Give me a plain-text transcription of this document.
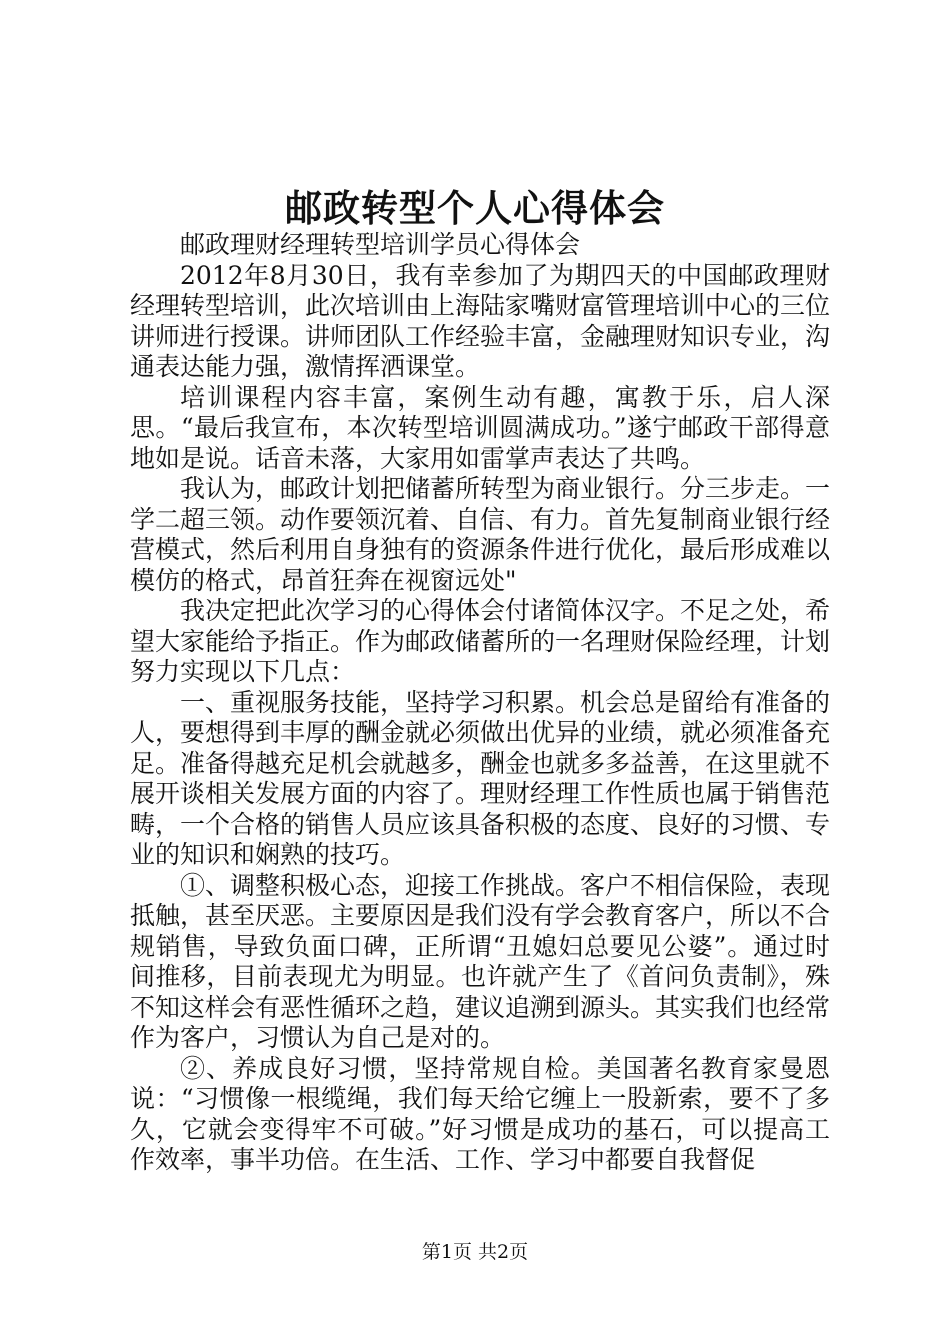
邮政转型个人心得体会

邮政理财经理转型培训学员心得体会

2012年8月30日，我有幸参加了为期四天的中国邮政理财经理转型培训，此次培训由上海陆家嘴财富管理培训中心的三位讲师进行授课。讲师团队工作经验丰富，金融理财知识专业，沟通表达能力强，激情挥洒课堂。

培训课程内容丰富，案例生动有趣，寓教于乐，启人深思。“最后我宣布，本次转型培训圆满成功。”遂宁邮政干部得意地如是说。话音未落，大家用如雷掌声表达了共鸣。

我认为，邮政计划把储蓄所转型为商业银行。分三步走。一学二超三领。动作要领沉着、自信、有力。首先复制商业银行经营模式，然后利用自身独有的资源条件进行优化，最后形成难以模仿的格式，昂首狂奔在视窗远处"

我决定把此次学习的心得体会付诸简体汉字。不足之处，希望大家能给予指正。作为邮政储蓄所的一名理财保险经理，计划努力实现以下几点：

一、重视服务技能，坚持学习积累。机会总是留给有准备的人，要想得到丰厚的酬金就必须做出优异的业绩，就必须准备充足。准备得越充足机会就越多，酬金也就多多益善，在这里就不展开谈相关发展方面的内容了。理财经理工作性质也属于销售范畴，一个合格的销售人员应该具备积极的态度、良好的习惯、专业的知识和娴熟的技巧。

①、调整积极心态，迎接工作挑战。客户不相信保险，表现抵触，甚至厌恶。主要原因是我们没有学会教育客户，所以不合规销售，导致负面口碑，正所谓“丑媳妇总要见公婆”。通过时间推移，目前表现尤为明显。也许就产生了《首问负责制》，殊不知这样会有恶性循环之趋，建议追溯到源头。其实我们也经常作为客户，习惯认为自己是对的。

②、养成良好习惯，坚持常规自检。美国著名教育家曼恩说：“习惯像一根缆绳，我们每天给它缠上一股新索，要不了多久，它就会变得牢不可破。”好习惯是成功的基石，可以提高工作效率，事半功倍。在生活、工作、学习中都要自我督促

第1页 共2页
